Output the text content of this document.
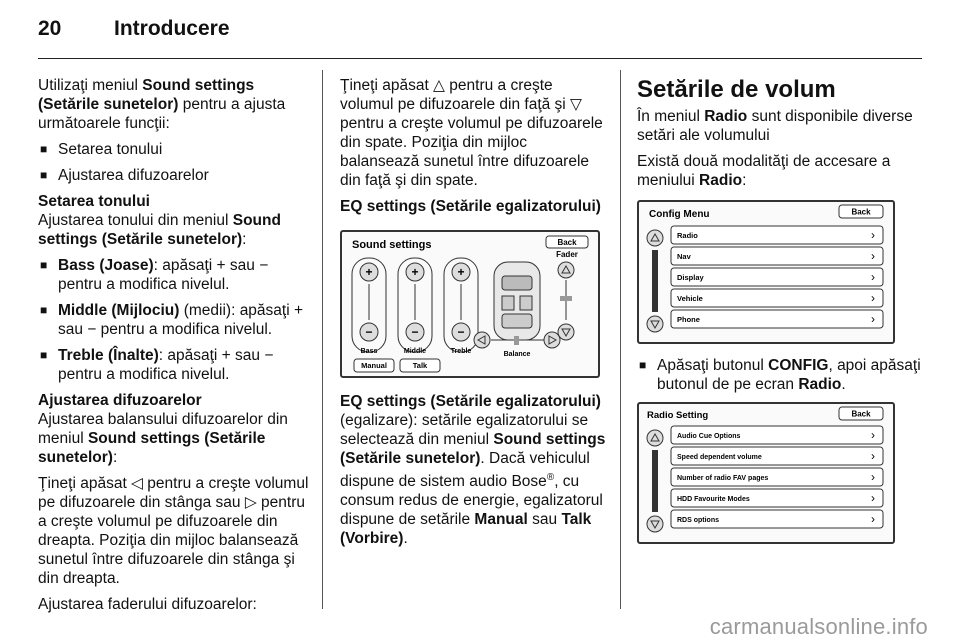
20	Introducere

Utilizaţi meniul Sound settings (Setările sunetelor) pentru a ajusta următoarele funcţii:

■ Setarea tonului
■ Ajustarea difuzoarelor
Setarea tonului

Ajustarea tonului din meniul Sound settings (Setările sunetelor):

■ Bass (Joase): apăsaţi + sau − pentru a modifica nivelul.
■ Middle (Mijlociu) (medii): apăsaţi + sau − pentru a modifica nivelul.
■ Treble (Înalte): apăsaţi + sau − pentru a modifica nivelul.
Ajustarea difuzoarelor

Ajustarea balansului difuzoarelor din meniul Sound settings (Setările sunetelor):

Ţineţi apăsat ◁ pentru a creşte volumul pe difuzoarele din stânga sau ▷ pentru a creşte volumul pe difuzoarele din dreapta. Poziţia din mijloc balansează sunetul între difuzoarele din stânga şi din dreapta.

Ajustarea faderului difuzoarelor:

Ţineţi apăsat △ pentru a creşte volumul pe difuzoarele din faţă şi ▽ pentru a creşte volumul pe difuzoarele din spate. Poziţia din mijloc balansează sunetul între difuzoarele din faţă şi din spate.

EQ settings (Setările egalizatorului)
Sound settings	Back
Fader
+
−
+
−
+
−
Bass	Middle	Treble	Balance
Manual	Talk
EQ settings (Setările egalizatorului)

(egalizare): setările egalizatorului se selectează din meniul Sound settings (Setările sunetelor). Dacă vehiculul dispune de sistem audio Bose®, cu consum redus de energie, egalizatorul dispune de setările Manual sau Talk (Vorbire).

Setările de volum

În meniul Radio sunt disponibile diverse setări ale volumului

Există două modalităţi de accesare a meniului Radio:

Config Menu	Back
Radio	›
Nav	›
Display	›
Vehicle	›
Phone	›
■ Apăsaţi butonul CONFIG, apoi apăsaţi butonul de pe ecran Radio.
Radio Setting	Back
Audio Cue Options	›
Speed dependent volume	›
Number of radio FAV pages	›
HDD Favourite Modes	›
RDS options	›
carmanualsonline.info
